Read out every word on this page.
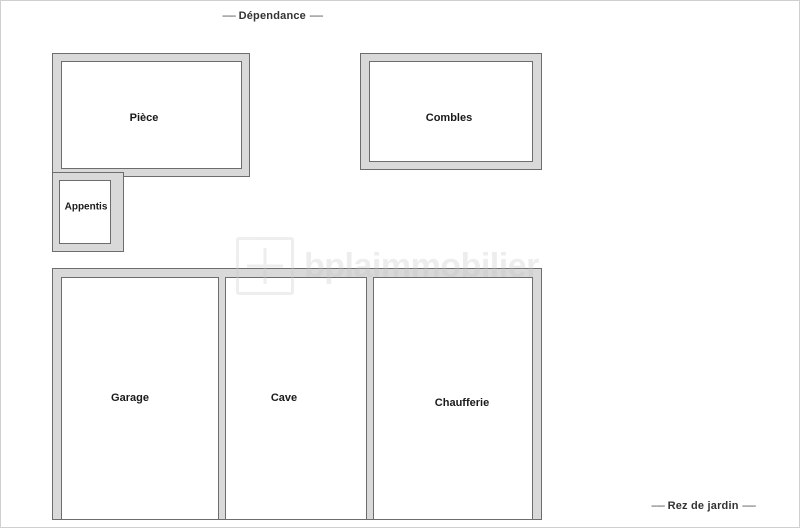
----- Dépendance -----
Pièce
Appentis
Combles
Garage	Cave	Chaufferie
----- Rez de jardin -----
bplaimmobilier
